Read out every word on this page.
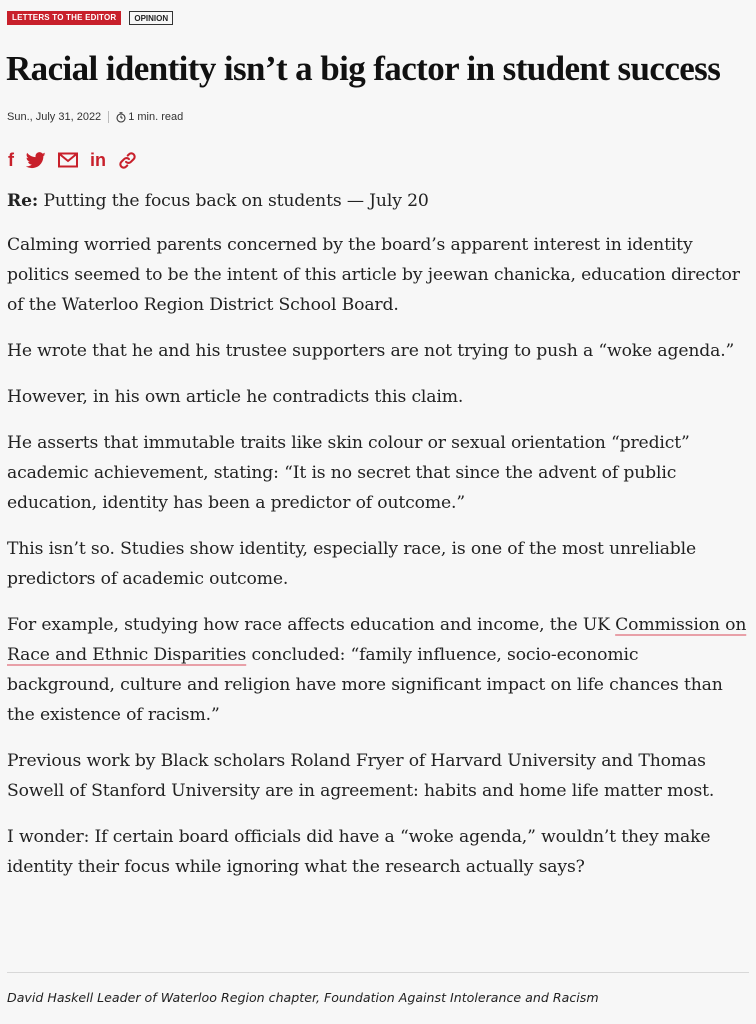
LETTERS TO THE EDITOR	OPINION
Racial identity isn’t a big factor in student success
Sun., July 31, 2022 1 min. read
f	in

Re: Putting the focus back on students — July 20

Calming worried parents concerned by the board’s apparent interest in identity politics seemed to be the intent of this article by jeewan chanicka, education director of the Waterloo Region District School Board.

He wrote that he and his trustee supporters are not trying to push a “woke agenda.”

However, in his own article he contradicts this claim.

He asserts that immutable traits like skin colour or sexual orientation “predict” academic achievement, stating: “It is no secret that since the advent of public education, identity has been a predictor of outcome.”

This isn’t so. Studies show identity, especially race, is one of the most unreliable predictors of academic outcome.

For example, studying how race affects education and income, the UK Commission on Race and Ethnic Disparities concluded: “family influence, socio-economic background, culture and religion have more significant impact on life chances than the existence of racism.”

Previous work by Black scholars Roland Fryer of Harvard University and Thomas Sowell of Stanford University are in agreement: habits and home life matter most.

I wonder: If certain board officials did have a “woke agenda,” wouldn’t they make identity their focus while ignoring what the research actually says?

David Haskell Leader of Waterloo Region chapter, Foundation Against Intolerance and Racism
